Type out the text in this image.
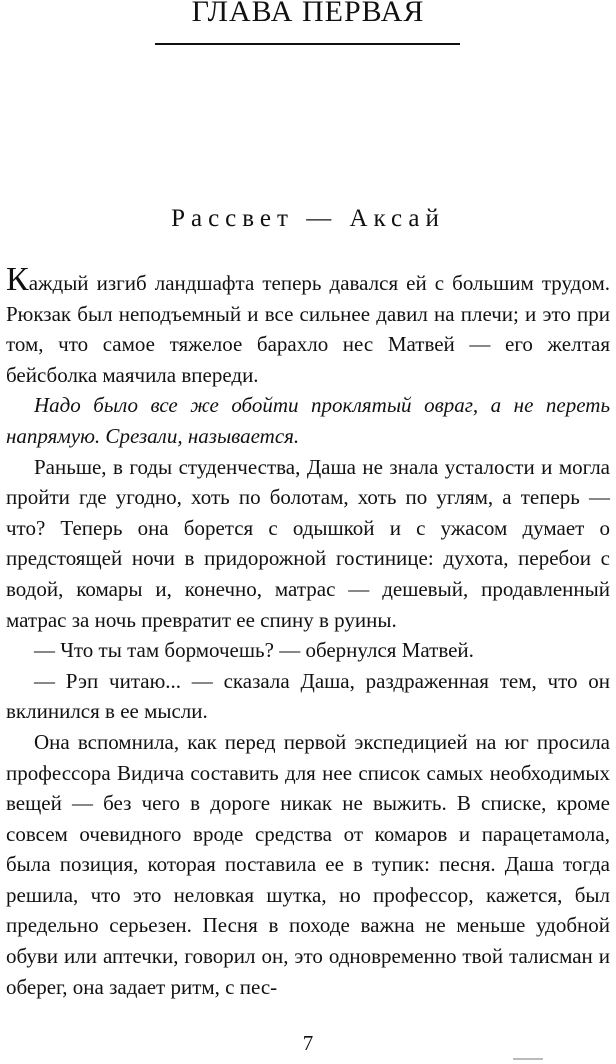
ГЛАВА ПЕРВАЯ
Рассвет — Аксай

Каждый изгиб ландшафта теперь давался ей с большим трудом. Рюкзак был неподъемный и все сильнее давил на плечи; и это при том, что самое тяжелое барахло нес Матвей — его желтая бейсболка маячила впереди.

Надо было все же обойти проклятый овраг, а не переть напрямую. Срезали, называется.

Раньше, в годы студенчества, Даша не знала усталости и могла пройти где угодно, хоть по болотам, хоть по углям, а теперь — что? Теперь она борется с одышкой и с ужасом думает о предстоящей ночи в придорожной гостинице: духота, перебои с водой, комары и, конечно, матрас — дешевый, продавленный матрас за ночь превратит ее спину в руины.

— Что ты там бормочешь? — обернулся Матвей.

— Рэп читаю... — сказала Даша, раздраженная тем, что он вклинился в ее мысли.

Она вспомнила, как перед первой экспедицией на юг просила профессора Видича составить для нее список самых необходимых вещей — без чего в дороге никак не выжить. В списке, кроме совсем очевидного вроде средства от комаров и парацетамола, была позиция, которая поставила ее в тупик: песня. Даша тогда решила, что это неловкая шутка, но профессор, кажется, был предельно серьезен. Песня в походе важна не меньше удобной обуви или аптечки, говорил он, это одновременно твой талисман и оберег, она задает ритм, с пес-

7
